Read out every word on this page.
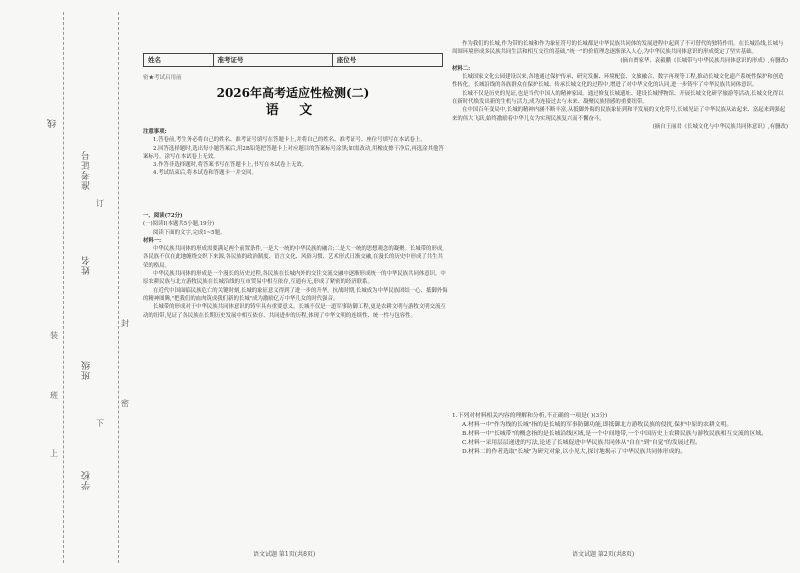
线
准考证号
姓名
班级
学校
订
封
密
装
上
下
班
姓名	准考证号	座位号
密★考试启用前
2026年高考适应性检测(二)
语 文
注意事项:
1.答卷前,考生务必将自己的姓名、准考证号填写在答题卡上,并将自己的姓名、准考证号、座位号填写在本试卷上。
2.回答选择题时,选出每小题答案后,用2B铅笔把答题卡上对应题目的答案标号涂黑;如需改动,用橡皮擦干净后,再选涂其他答案标号。涂写在本试卷上无效。
3.作答非选择题时,将答案书写在答题卡上,书写在本试卷上无效。
4.考试结束后,将本试卷和答题卡一并交回。
一、阅读(72分)
(一)阅读Ⅰ(本题共5小题,19分)
阅读下面的文字,完成1~5题。
材料一:
中华民族共同体的形成需要满足两个前置条件,一是大一统的中华民族的融合;二是大一统的思想观念的凝聚。长城带的形成,各民族不仅在此地缠绕交织下来源,各民族的政治制度、语言文化、风俗习惯、艺术形式日渐交融,在漫长的历史中形成了共生共荣的格局。
中华民族共同体的形成是一个漫长的历史过程,各民族在长城内外的交往交流交融中逐渐形成统一的中华民族共同体意识。中原农耕民族与北方游牧民族在长城沿线的互市贸易中相互依存,互通有无,形成了紧密的经济联系。
在近代中国面临民族危亡的关键时刻,长城的象征意义得到了进一步的升华。抗战时期,长城成为中华民族团结一心、抵御外侮的精神图腾,"把我们的血肉筑成我们新的长城"成为激励亿万中华儿女的时代强音。
长城带的形成对于中华民族共同体意识的铸牢具有重要意义。长城不仅是一道军事防御工程,更是农耕文明与游牧文明交流互动的纽带,见证了各民族在长期历史发展中相互依存、共同进步的历程,体现了中华文明的连续性、统一性与包容性。
语文试题 第1页(共8页)
作为我们的长城,作为带的长城和作为象征符号的长城都是中华民族共同体的发展进程中起到了不可替代的独特作用。在长城沿线,长城与周围环境形成多民族共同生活和相互交往的基础,"统一"的价值理念逐渐深入人心,为中华民族共同体意识的形成奠定了坚实基础。
(摘自贾家华、袁毅鹏《长城带与中华民族共同体意识的形成》,有删改)
材料二:
长城国家文化公园建设以来,各地通过保护传承、研究发掘、环境配套、文旅融合、数字再现等工程,推动长城文化遗产系统性保护和创造性转化。长城沿线的各族群众在保护长城、传承长城文化的过程中,增进了对中华文化的认同,进一步铸牢了中华民族共同体意识。
长城不仅是历史的见证,也是当代中国人的精神家园。通过修复长城遗址、建设长城博物馆、开展长城文化研学旅游等活动,长城文化得以在新时代焕发出新的生机与活力,成为连接过去与未来、凝聚民族情感的重要纽带。
在中国百年变局中,长城的精神内涵不断丰富,从抵御外侮的民族象征到和平发展的文化符号,长城见证了中华民族从站起来、富起来到强起来的伟大飞跃,始终激励着中华儿女为实现民族复兴而不懈奋斗。
(摘自王丽君《长城文化与中华民族共同体意识》,有删改)
1.下列对材料相关内容的理解和分析,不正确的一项是( )(3分)
A.材料一中"作为线的长城"指的是长城的军事防御功能,即抵御北方游牧民族的侵扰,保护中原的农耕文明。
B.材料一中"长城带"的概念指的是长城沿线区域,是一个中间地带,一个中国历史上农耕民族与游牧民族相互交流的区域。
C.材料一采用层层递进的写法,论述了长城促进中华民族共同体从"自在"到"自觉"的发展过程。
D.材料二的作者选取"长城"为研究对象,以小见大,探讨地揭示了中华民族共同体形成的。
语文试题 第2页(共8页)
